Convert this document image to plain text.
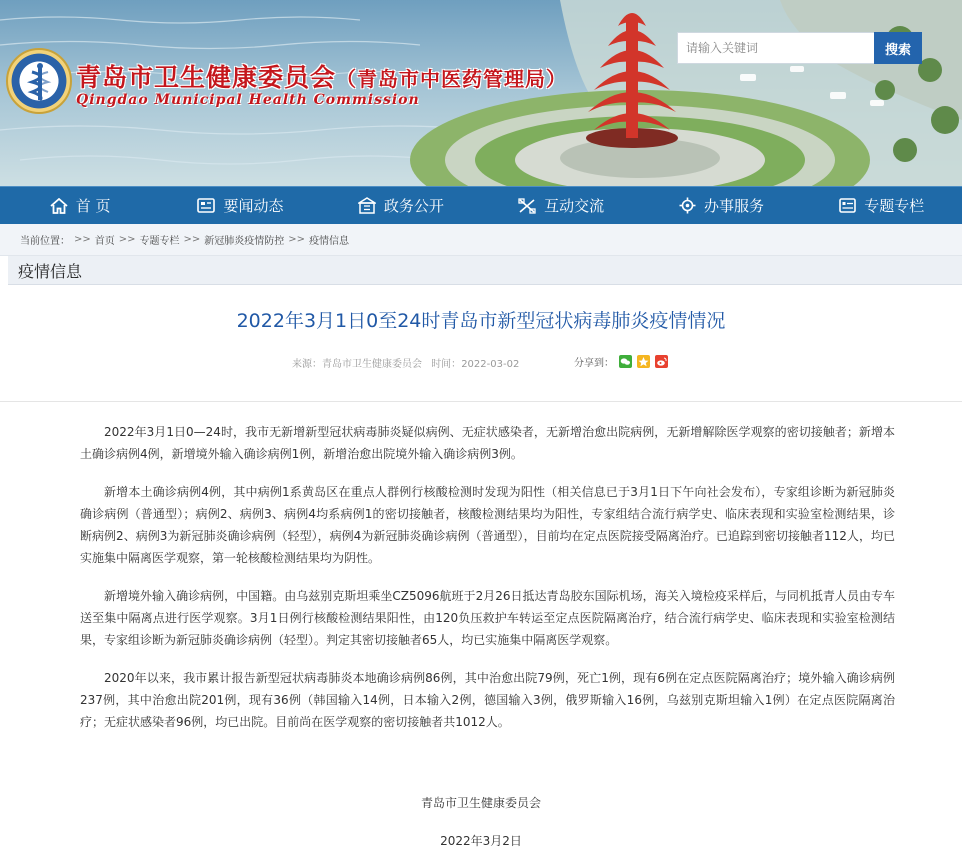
青岛市卫生健康委员会（青岛市中医药管理局）
Qingdao Municipal Health Commission
请输入关键词
搜索
首 页	要闻动态	政务公开	互动交流	办事服务	专题专栏
当前位置： >> 首页 >> 专题专栏 >> 新冠肺炎疫情防控 >> 疫情信息
疫情信息
2022年3月1日0至24时青岛市新型冠状病毒肺炎疫情情况
来源：青岛市卫生健康委员会 时间：2022-03-02	分享到：

2022年3月1日0—24时，我市无新增新型冠状病毒肺炎疑似病例、无症状感染者，无新增治愈出院病例，无新增解除医学观察的密切接触者；新增本土确诊病例4例，新增境外输入确诊病例1例，新增治愈出院境外输入确诊病例3例。

新增本土确诊病例4例，其中病例1系黄岛区在重点人群例行核酸检测时发现为阳性（相关信息已于3月1日下午向社会发布），专家组诊断为新冠肺炎确诊病例（普通型）；病例2、病例3、病例4均系病例1的密切接触者，核酸检测结果均为阳性，专家组结合流行病学史、临床表现和实验室检测结果，诊断病例2、病例3为新冠肺炎确诊病例（轻型），病例4为新冠肺炎确诊病例（普通型），目前均在定点医院接受隔离治疗。已追踪到密切接触者112人，均已实施集中隔离医学观察，第一轮核酸检测结果均为阴性。

新增境外输入确诊病例，中国籍。由乌兹别克斯坦乘坐CZ5096航班于2月26日抵达青岛胶东国际机场，海关入境检疫采样后，与同机抵青人员由专车送至集中隔离点进行医学观察。3月1日例行核酸检测结果阳性，由120负压救护车转运至定点医院隔离治疗，结合流行病学史、临床表现和实验室检测结果，专家组诊断为新冠肺炎确诊病例（轻型）。判定其密切接触者65人，均已实施集中隔离医学观察。

2020年以来，我市累计报告新型冠状病毒肺炎本地确诊病例86例，其中治愈出院79例，死亡1例，现有6例在定点医院隔离治疗；境外输入确诊病例237例，其中治愈出院201例，现有36例（韩国输入14例，日本输入2例，德国输入3例，俄罗斯输入16例，乌兹别克斯坦输入1例）在定点医院隔离治疗；无症状感染者96例，均已出院。目前尚在医学观察的密切接触者共1012人。

青岛市卫生健康委员会
2022年3月2日
